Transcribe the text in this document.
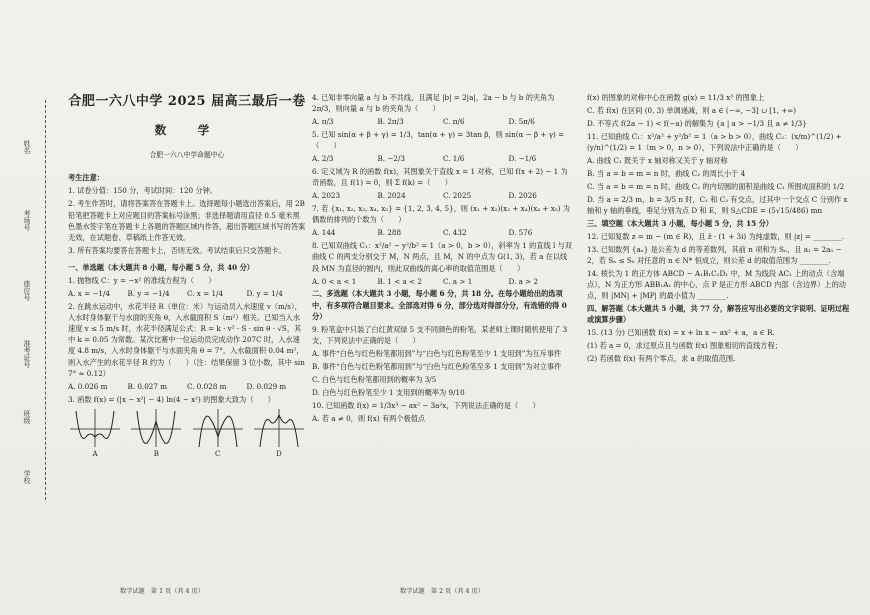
姓名
考场号
座位号
准考证号
班级
学校

合肥一六八中学 2025 届高三最后一卷

数　学

合肥一六八中学命题中心

考生注意：

1. 试卷分值：150 分，考试时间：120 分钟。

2. 考生作答时，请将答案答在答题卡上。选择题每小题选出答案后，用 2B 铅笔把答题卡上对应题目的答案标号涂黑；非选择题请用直径 0.5 毫米黑色墨水签字笔在答题卡上各题的答题区域内作答，超出答题区域书写的答案无效，在试题卷、草稿纸上作答无效。

3. 所有答案均要答在答题卡上，否则无效。考试结束后只交答题卡。

一、单选题（本大题共 8 小题，每小题 5 分，共 40 分）

1. 抛物线 C：y = −x² 的准线方程为（　　）

A. x = −1/4	B. y = −1/4	C. x = 1/4	D. y = 1/4

2. 在跳水运动中，水花半径 R（单位：米）与运动员入水速度 v（m/s），入水时身体躯干与水面的夹角 θ，入水截面积 S（m²）相关。已知当入水速度 v ≤ 5 m/s 时，水花半径满足公式：R = k · v² · S · sin θ · √S，其中 k = 0.05 为常数。某次比赛中一位运动员完成动作 207C 时，入水速度 4.8 m/s，入水时身体躯干与水面夹角 θ = 7°，入水截面积 0.04 m²，则入水产生的水花半径 R 约为（　　）（注：结果保留 3 位小数，其中 sin 7° ≈ 0.12）

A. 0.026 m	B. 0.027 m	C. 0.028 m	D. 0.029 m

3. 函数 f(x) = (|x − x²| − 4) ln(4 − x²) 的图象大致为（　　）

A	B	C	D

4. 已知非零向量 a 与 b 不共线，且满足 |b| = 2|a|，2a − b 与 b 的夹角为 2π/3，则向量 a 与 b 的夹角为（　　）

A. π/3	B. 2π/3	C. π/6	D. 5π/6

5. 已知 sin(α + β + γ) = 1/3，tan(α + γ) = 3tan β，则 sin(α − β + γ) =（　　）

A. 2/3	B. −2/3	C. 1/6	D. −1/6

6. 定义域为 R 的函数 f(x)，其图象关于直线 x = 1 对称，已知 f(x + 2) − 1 为奇函数，且 f(1) = 0，则 Σ f(k) =（　　）

A. 2023	B. 2024	C. 2025	D. 2026

7. 若 {x₁, x₂, x₃, x₄, x₅} = {1, 2, 3, 4, 5}，则 (x₁ + x₂)(x₃ + x₄)(x₄ + x₅) 为偶数的排列的个数为（　　）

A. 144	B. 288	C. 432	D. 576

8. 已知双曲线 C₁：x²/a² − y²/b² = 1（a > 0，b > 0），斜率为 1 的直线 l 与双曲线 C 的两支分别交于 M，N 两点，且 M，N 的中点为 G(1, 3)，若 a 在以线段 MN 为直径的圆内，则此双曲线的离心率的取值范围是（　　）

A. 0 < a < 1	B. 1 < a < 2	C. a > 1	D. a > 2

二、多选题（本大题共 3 小题，每小题 6 分，共 18 分。在每小题给出的选项中，有多项符合题目要求。全部选对得 6 分，部分选对得部分分，有选错的得 0 分）

9. 粉笔盒中只装了白红黄双绿 5 支不同颜色的粉笔，某老师上课时随机使用了 3 支，下列说法中正确的是（　　）

A. 事件“白色与红色粉笔都用到”与“白色与红色粉笔至少 1 支用到”为互斥事件

B. 事件“白色与红色粉笔都用到”与“白色与红色粉笔至多 1 支用到”为对立事件

C. 白色与红色粉笔都用到的概率为 3/5

D. 白色与红色粉笔至少 1 支用到的概率为 9/10

10. 已知函数 f(x) = 1/3x³ − ax² − 3a²x，下列说法正确的是（　　）

A. 若 a ≠ 0，则 f(x) 有两个极值点

f(x) 的图象的对称中心在函数 g(x) = 11/3 x³ 的图象上

C. 若 f(x) 在区间 (0, 3) 单调递减，则 a ∈ (−∞, −3] ∪ [1, +∞)

D. 不等式 f(2a − 1) < f(−a) 的解集为 {a | a > −1/3 且 a ≠ 1/3}

11. 已知曲线 C₁：x²/a² + y²/b² = 1（a > b > 0），曲线 C₂：(x/m)^(1/2) + (y/n)^(1/2) = 1（m > 0，n > 0），下列说法中正确的是（　　）

A. 曲线 C₁ 既关于 x 轴对称又关于 y 轴对称

B. 当 a = b = m = n 时，曲线 C₂ 的周长小于 4

C. 当 a = b = m = n 时，曲线 C₂ 的内切圆的面积是曲线 C₁ 所围成面积的 1/2

D. 当 a = 2/3 m，b = 3/5 n 时，C₁ 和 C₂ 有交点，过其中一个交点 C 分别作 x 轴和 y 轴的垂线，垂足分别为点 D 和 E，则 S△CDE = (5√15/486) mn

三、填空题（本大题共 3 小题，每小题 5 分，共 15 分）

12. 已知复数 z = m − (m ∈ R)，且 z̄ · (1 + 3i) 为纯虚数，则 |z| = ________.

13. 已知数列 {aₙ} 是公差为 d 的等差数列，其前 n 项和为 Sₙ，且 a₁ = 2a₅ − 2，若 Sₙ ≤ S₅ 对任意的 n ∈ N* 恒成立，则公差 d 的取值范围为 ________.

14. 棱长为 1 的正方体 ABCD − A₁B₁C₁D₁ 中，M 为线段 AC₁ 上的动点（含端点），N 为正方形 ABB₁A₁ 的中心，点 P 是正方形 ABCD 内部（含边界）上的动点，则 |MN| + |MP| 的最小值为 ________.

四、解答题（本大题共 5 小题，共 77 分，解答应写出必要的文字说明、证明过程或演算步骤）

15. (13 分) 已知函数 f(x) = x + ln x − ax² + a，a ∈ R.

(1) 若 a = 0，求过原点且与函数 f(x) 图象相切的直线方程；

(2) 若函数 f(x) 有两个零点，求 a 的取值范围.

数学试题　第 1 页（共 4 页）	数学试题　第 2 页（共 4 页）
